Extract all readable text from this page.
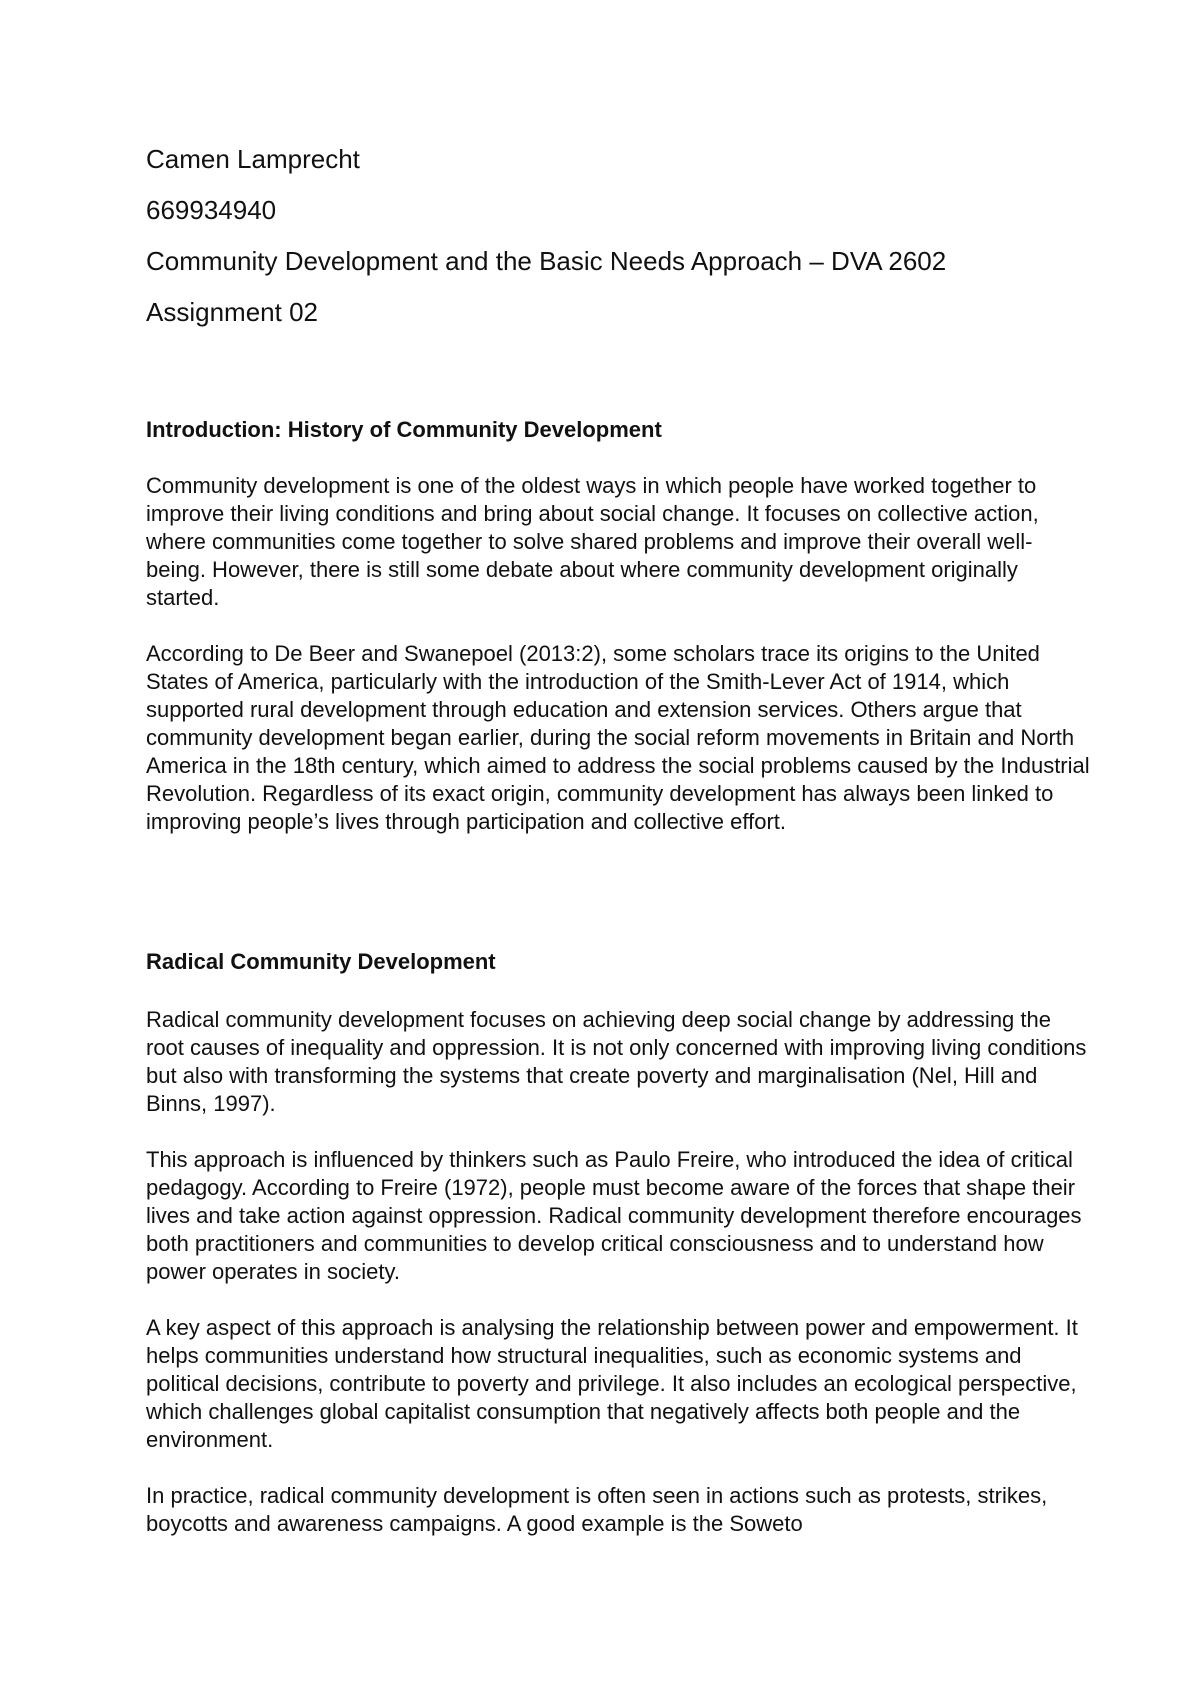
Camen Lamprecht

669934940

Community Development and the Basic Needs Approach – DVA 2602

Assignment 02

Introduction: History of Community Development

Community development is one of the oldest ways in which people have worked together to improve their living conditions and bring about social change. It focuses on collective action, where communities come together to solve shared problems and improve their overall well-being. However, there is still some debate about where community development originally started.

According to De Beer and Swanepoel (2013:2), some scholars trace its origins to the United States of America, particularly with the introduction of the Smith-Lever Act of 1914, which supported rural development through education and extension services. Others argue that community development began earlier, during the social reform movements in Britain and North America in the 18th century, which aimed to address the social problems caused by the Industrial Revolution. Regardless of its exact origin, community development has always been linked to improving people’s lives through participation and collective effort.

Radical Community Development

Radical community development focuses on achieving deep social change by addressing the root causes of inequality and oppression. It is not only concerned with improving living conditions but also with transforming the systems that create poverty and marginalisation (Nel, Hill and Binns, 1997).

This approach is influenced by thinkers such as Paulo Freire, who introduced the idea of critical pedagogy. According to Freire (1972), people must become aware of the forces that shape their lives and take action against oppression. Radical community development therefore encourages both practitioners and communities to develop critical consciousness and to understand how power operates in society.

A key aspect of this approach is analysing the relationship between power and empowerment. It helps communities understand how structural inequalities, such as economic systems and political decisions, contribute to poverty and privilege. It also includes an ecological perspective, which challenges global capitalist consumption that negatively affects both people and the environment.

In practice, radical community development is often seen in actions such as protests, strikes, boycotts and awareness campaigns. A good example is the Soweto
